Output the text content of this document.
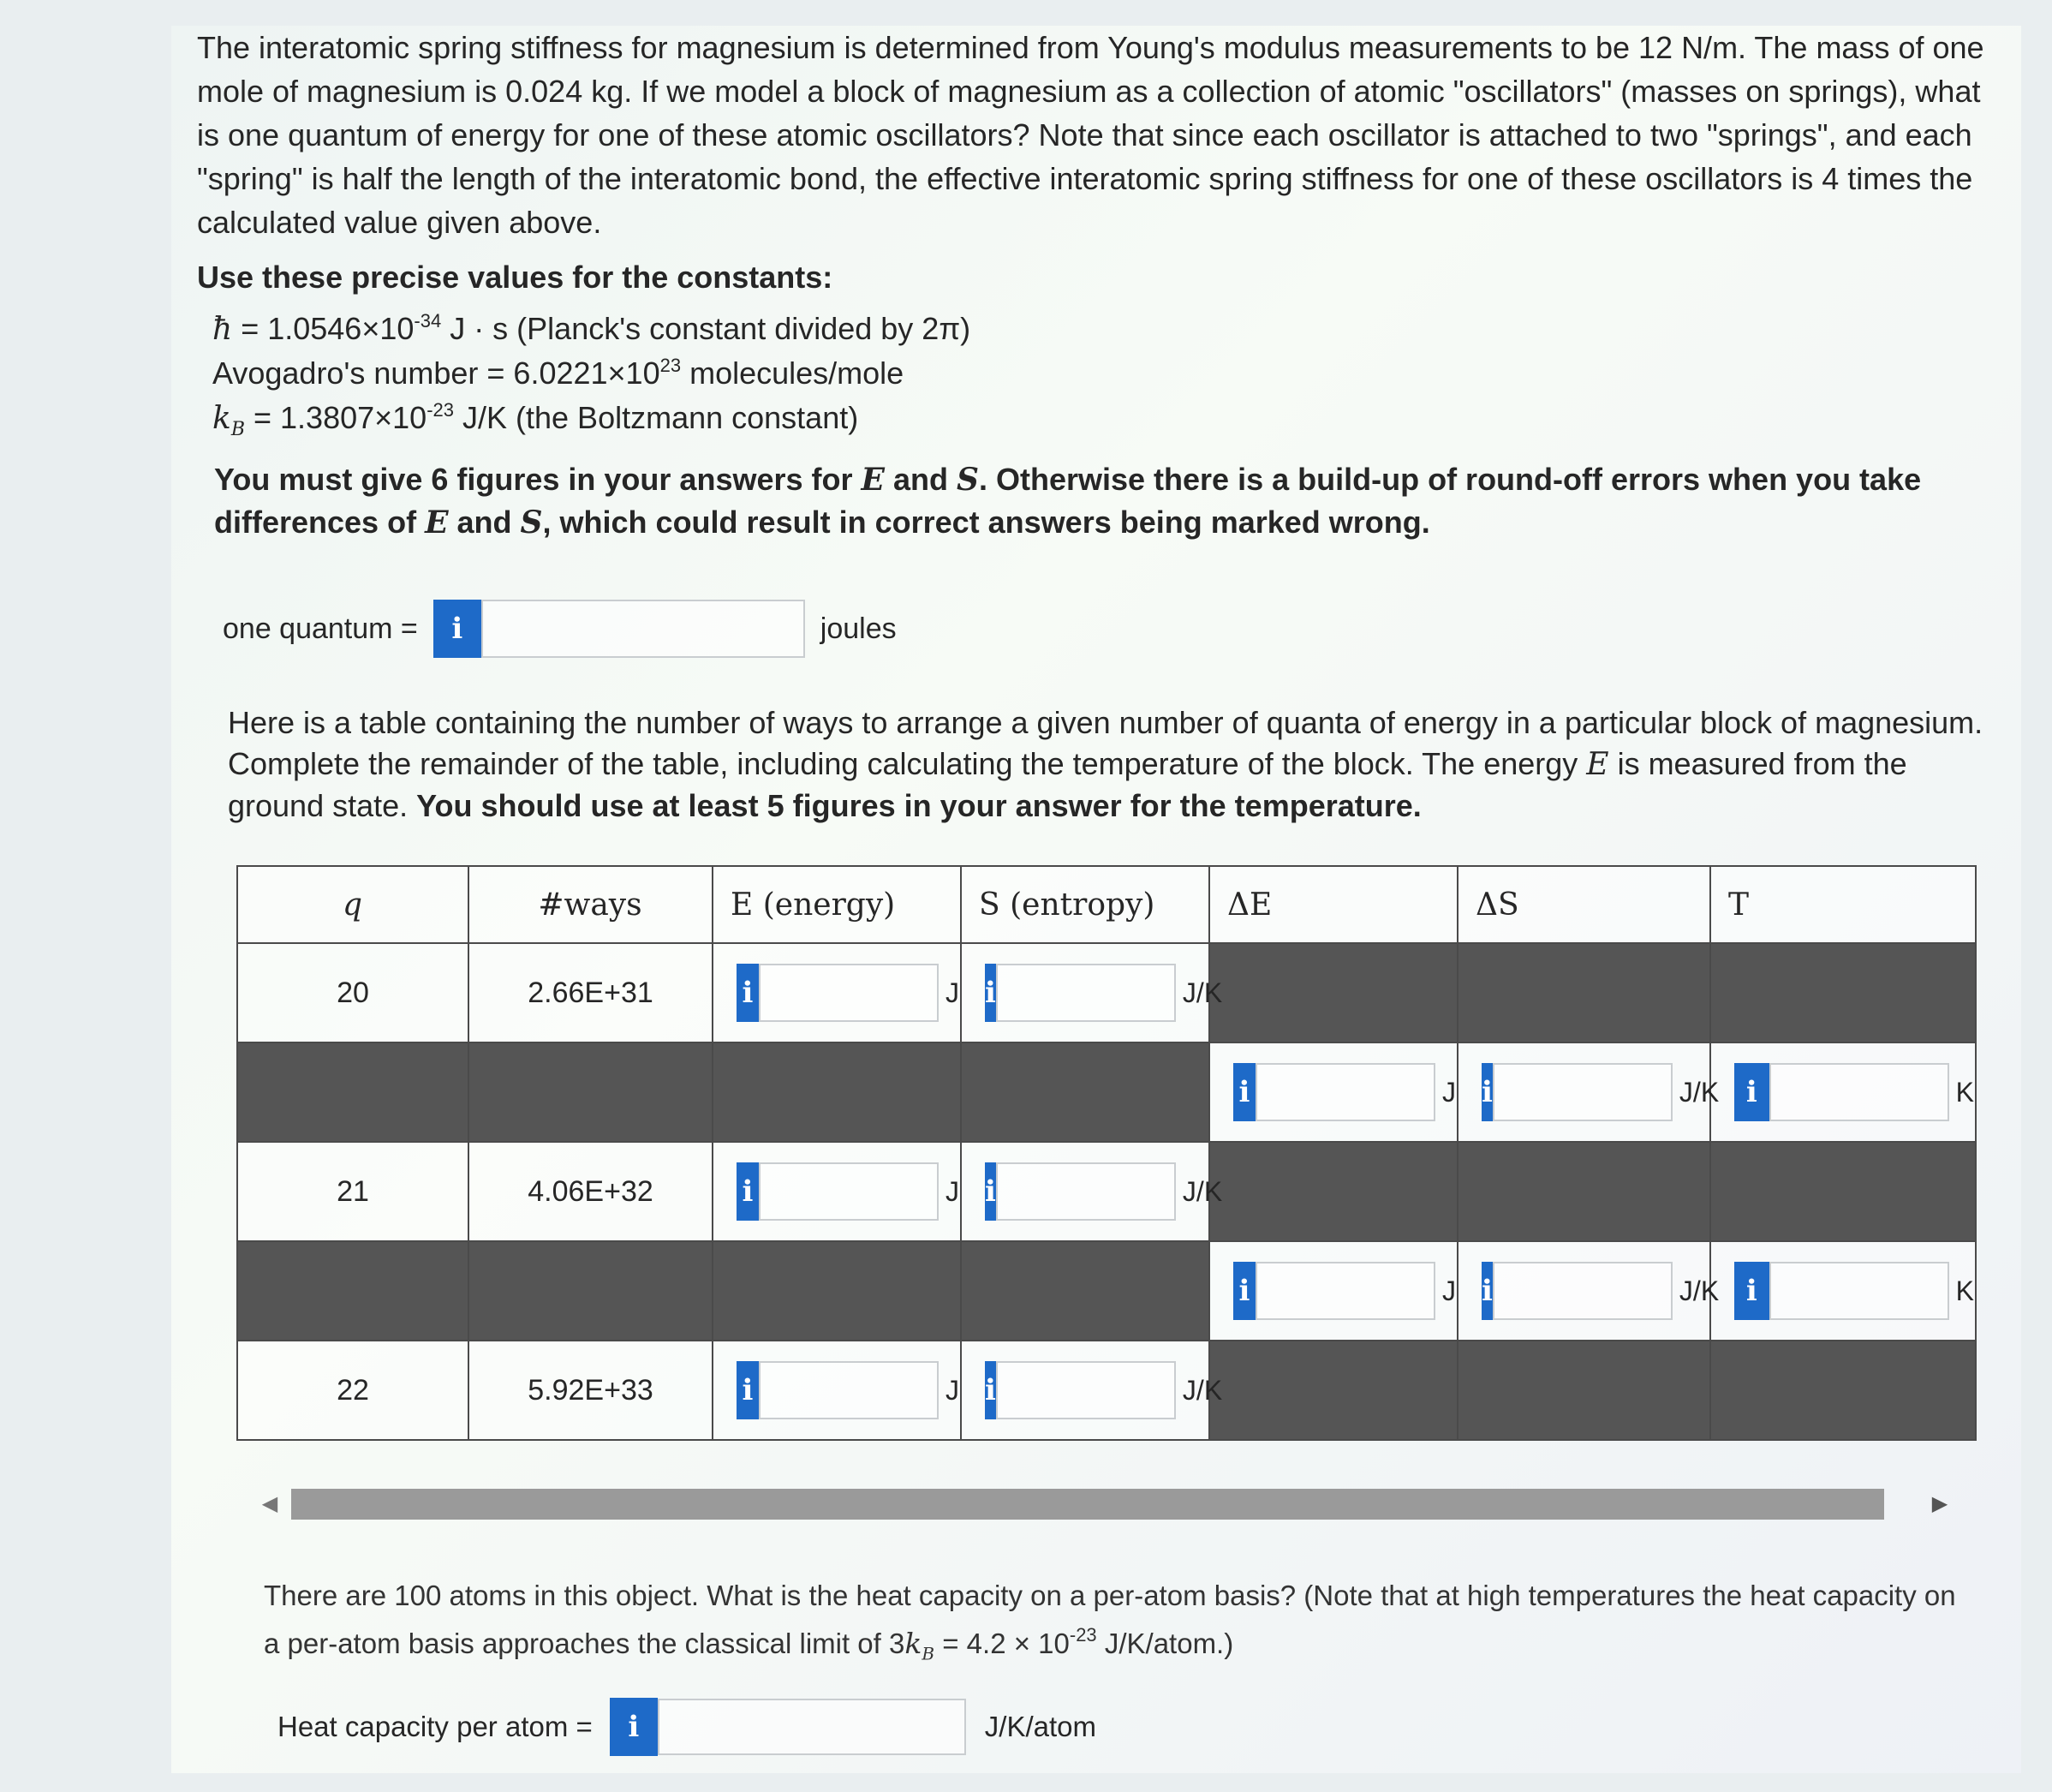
The interatomic spring stiffness for magnesium is determined from Young's modulus measurements to be 12 N/m. The mass of one mole of magnesium is 0.024 kg. If we model a block of magnesium as a collection of atomic "oscillators" (masses on springs), what is one quantum of energy for one of these atomic oscillators? Note that since each oscillator is attached to two "springs", and each "spring" is half the length of the interatomic bond, the effective interatomic spring stiffness for one of these oscillators is 4 times the calculated value given above.

Use these precise values for the constants:

ħ = $1.0546\times 10^{-34}$ J · s (Planck's constant divided by 2π)
Avogadro's number = $6.0221\times 10^{23}$ molecules/mole
$k_B = 1.3807\times 10^{-23}$ J/K (the Boltzmann constant)

You must give 6 figures in your answers for E and S. Otherwise there is a build-up of round-off errors when you take differences of E and S, which could result in correct answers being marked wrong.

one quantum =	i	joules

Here is a table containing the number of ways to arrange a given number of quanta of energy in a particular block of magnesium. Complete the remainder of the table, including calculating the temperature of the block. The energy E is measured from the ground state. You should use at least 5 figures in your answer for the temperature.

q	#ways	E (energy)	S (entropy)	ΔE	ΔS	T
20	2.66E+31	i J	i J/K			

i J	i J/K	i K

21	4.06E+32	i J	i J/K			

i J	i J/K	i K

22	5.92E+33	i J	i J/K			

◀	▶

There are 100 atoms in this object. What is the heat capacity on a per-atom basis? (Note that at high temperatures the heat capacity on a per-atom basis approaches the classical limit of $3k_B = 4.2 \times 10^{-23}$ J/K/atom.)

Heat capacity per atom =	i	J/K/atom
